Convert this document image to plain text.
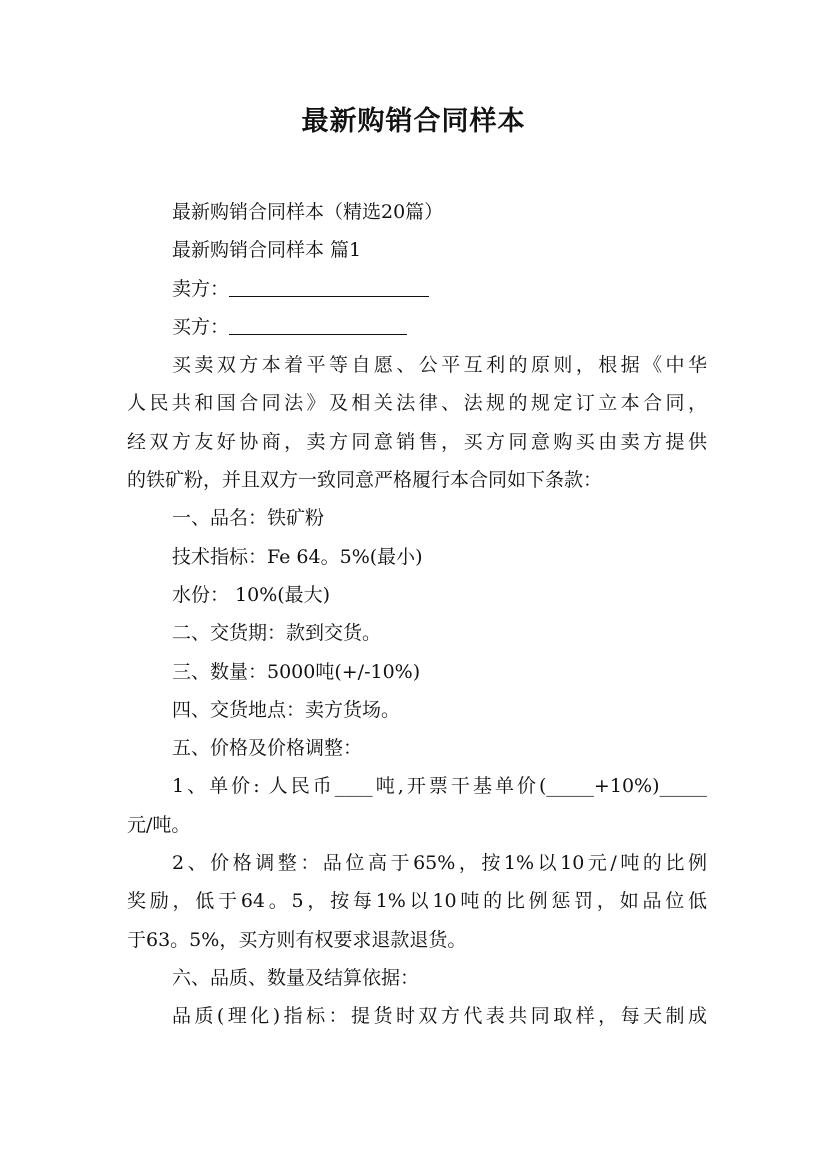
最新购销合同样本
最新购销合同样本（精选20篇）
最新购销合同样本 篇1
卖方：
买方：
买卖双方本着平等自愿、公平互利的原则，根据《中华
人民共和国合同法》及相关法律、法规的规定订立本合同，
经双方友好协商，卖方同意销售，买方同意购买由卖方提供
的铁矿粉，并且双方一致同意严格履行本合同如下条款：
一、品名：铁矿粉
技术指标：Fe 64。5%(最小)
水份： 10%(最大)
二、交货期：款到交货。
三、数量：5000吨(+/-10%)
四、交货地点：卖方货场。
五、价格及价格调整：
1、单价: 人民币____吨,开票干基单价(_____+10%)_____
元/吨。
2、价格调整：品位高于65%，按1%以10元/吨的比例
奖励，低于64。5，按每1%以10吨的比例惩罚，如品位低
于63。5%，买方则有权要求退款退货。
六、品质、数量及结算依据：
品质(理化)指标：提货时双方代表共同取样，每天制成
